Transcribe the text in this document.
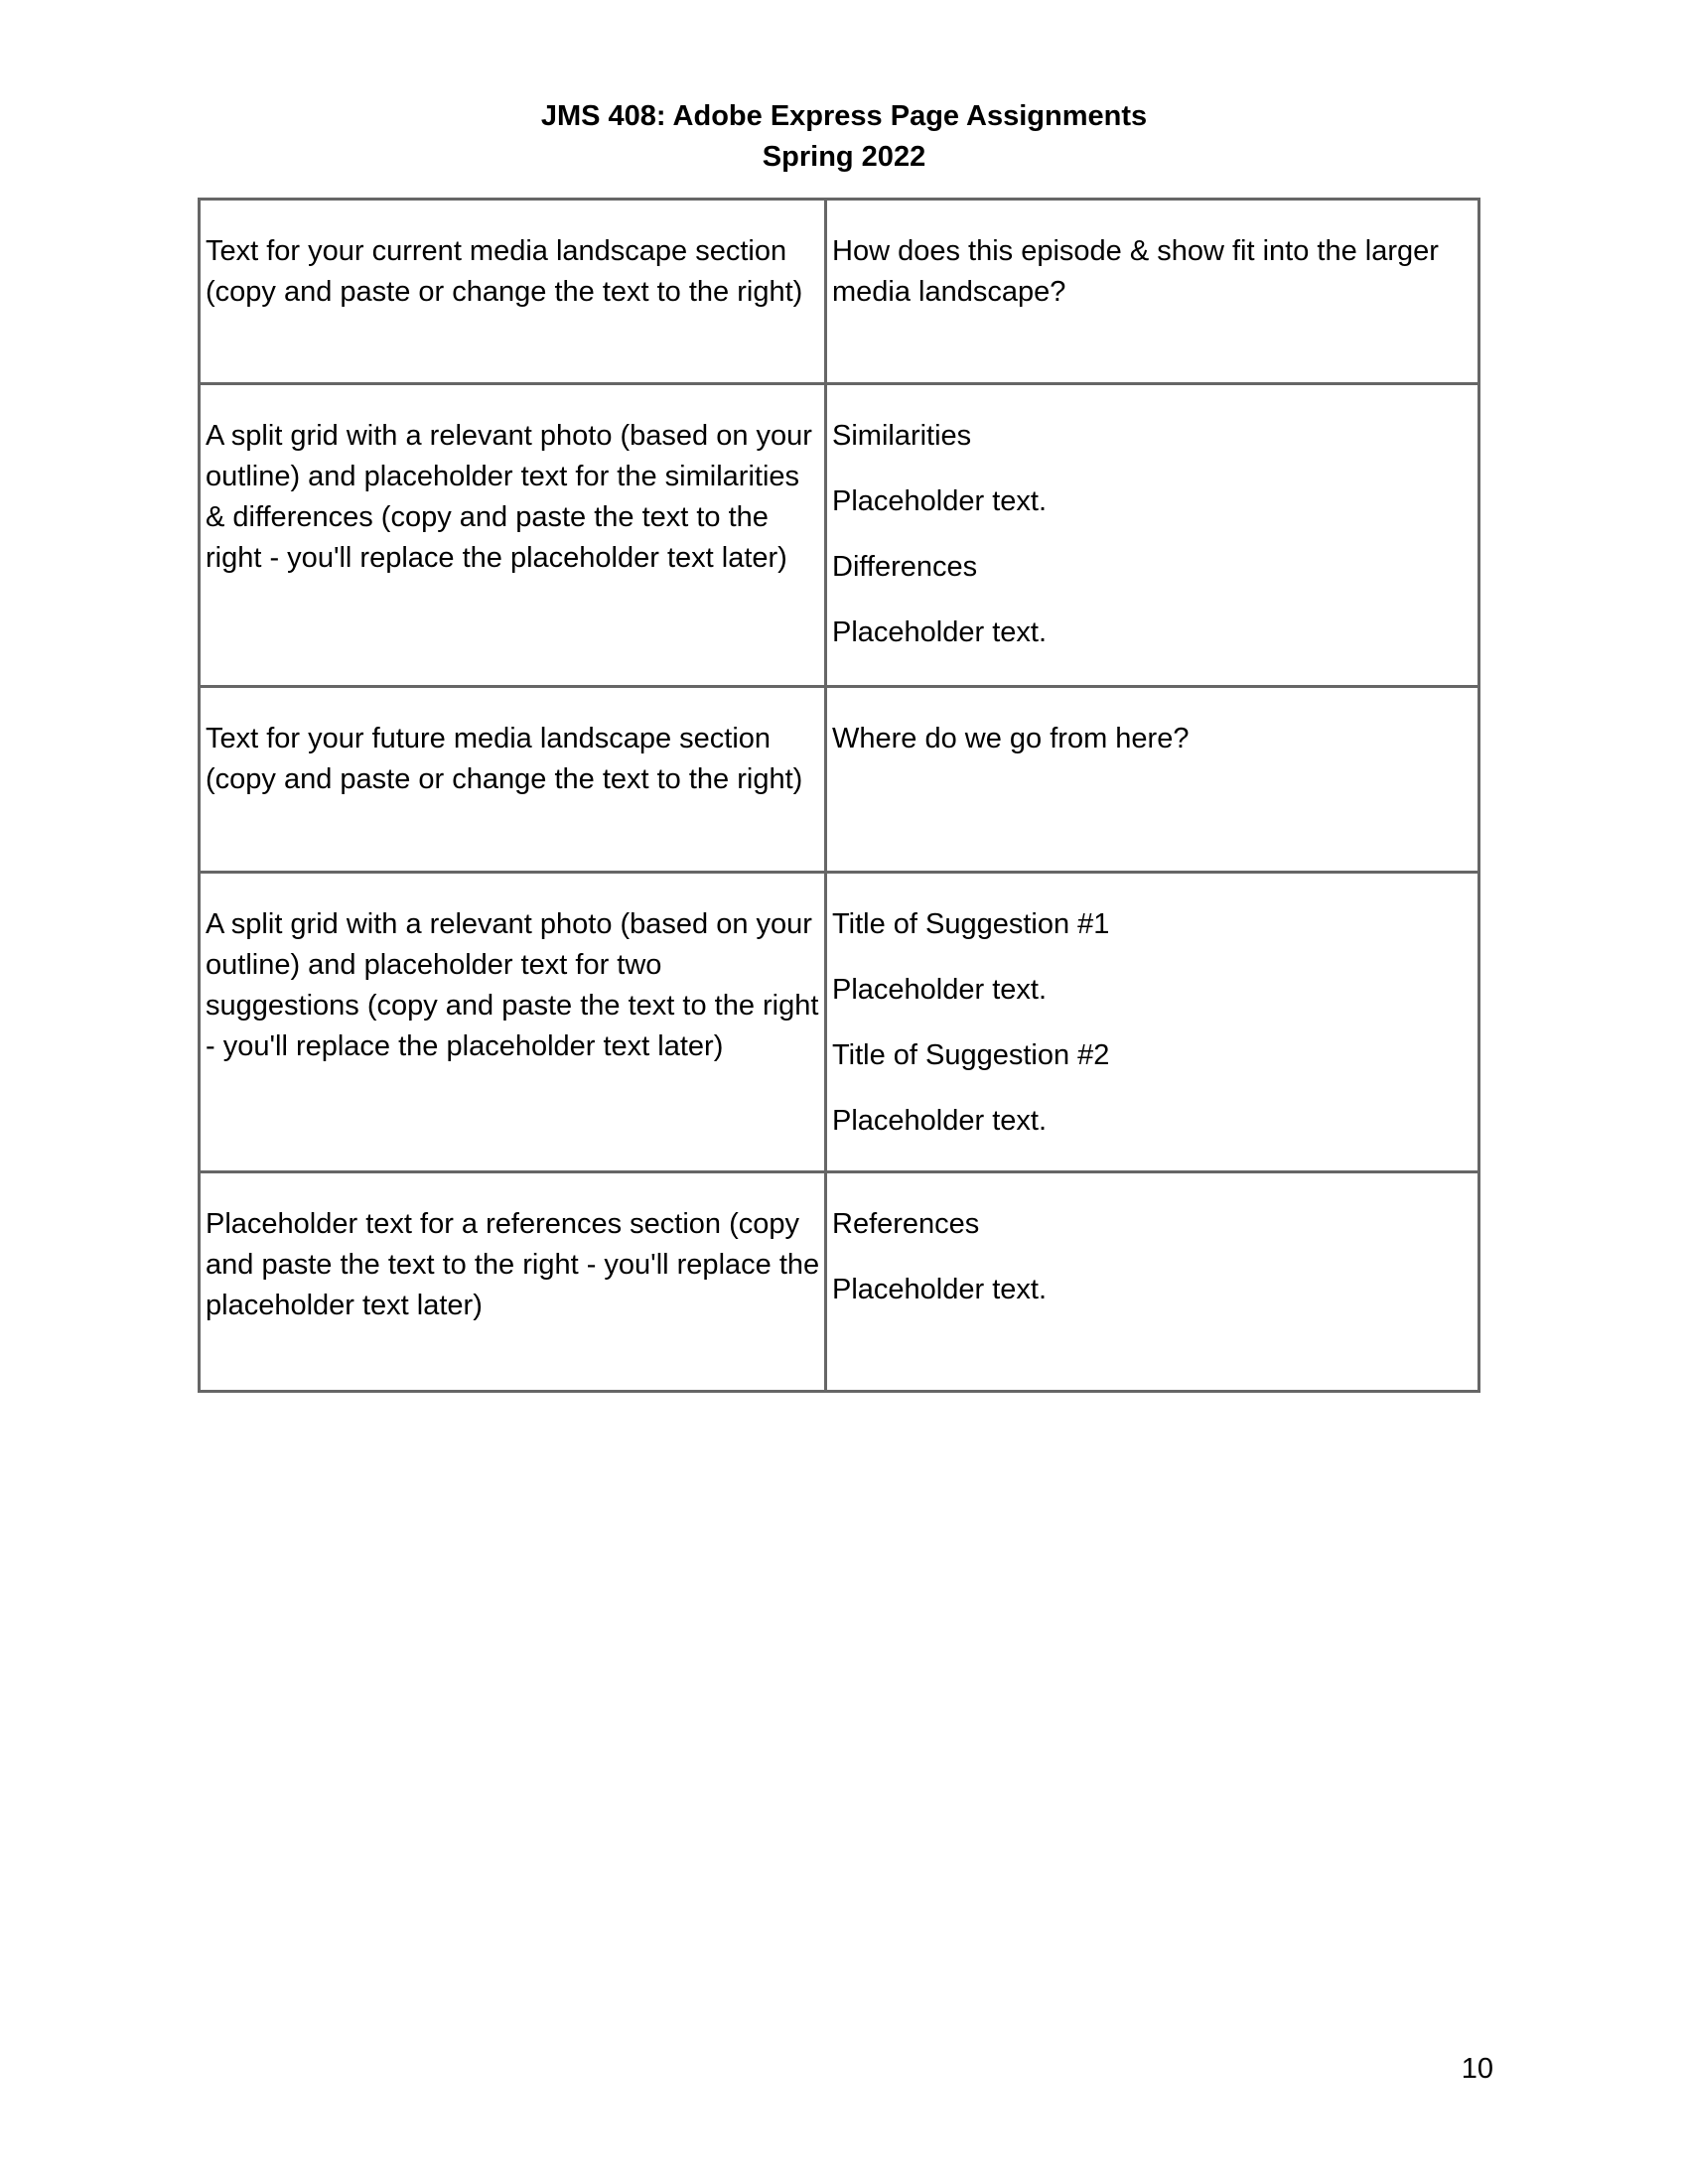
JMS 408: Adobe Express Page Assignments
Spring 2022
Text for your current media landscape section (copy and paste or change the text to the right)	How does this episode & show fit into the larger media landscape?

A split grid with a relevant photo (based on your outline) and placeholder text for the similarities & differences (copy and paste the text to the right - you'll replace the placeholder text later)	Similarities

Placeholder text.

Differences

Placeholder text.

Text for your future media landscape section (copy and paste or change the text to the right)	Where do we go from here?

A split grid with a relevant photo (based on your outline) and placeholder text for two suggestions (copy and paste the text to the right - you'll replace the placeholder text later)	Title of Suggestion #1

Placeholder text.

Title of Suggestion #2

Placeholder text.

Placeholder text for a references section (copy and paste the text to the right - you'll replace the placeholder text later)	References

Placeholder text.

10
